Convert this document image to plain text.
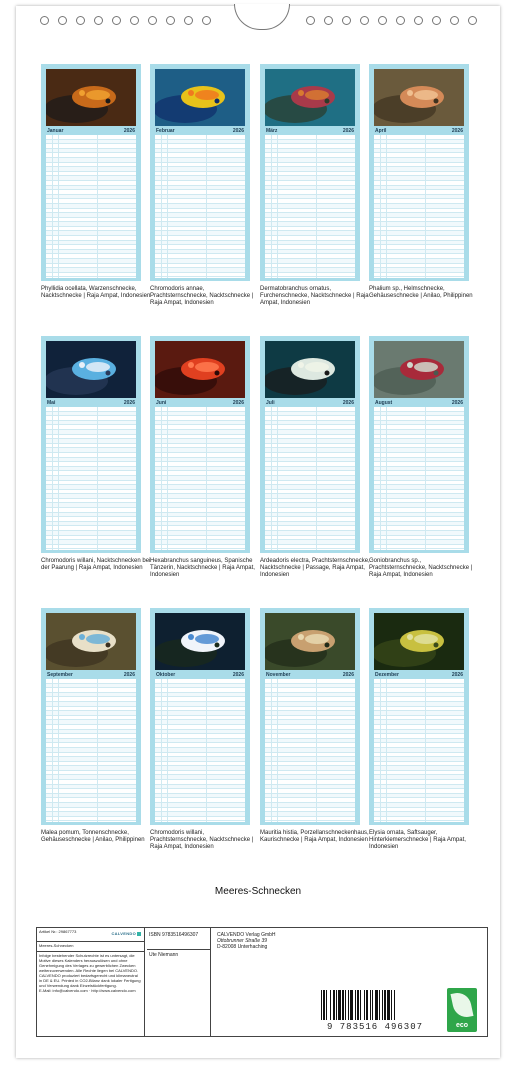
Januar	2026
Phyllidia ocellata, Warzenschnecke, Nacktschnecke | Raja Ampat, Indonesien
Februar	2026
Chromodoris annae, Prachtsternschnecke, Nacktschnecke | Raja Ampat, Indonesien
März	2026
Dermatobranchus ornatus, Furchenschnecke, Nacktschnecke | Raja Ampat, Indonesien
April	2026
Phalium sp., Helmschnecke, Gehäuseschnecke | Anilao, Philippinen
Mai	2026
Chromodoris willani, Nacktschnecken bei der Paarung | Raja Ampat, Indonesien
Juni	2026
Hexabranchus sanguineus, Spanische Tänzerin, Nacktschnecke | Raja Ampat, Indonesien
Juli	2026
Ardeadoris electra, Prachtsternschnecke, Nacktschnecke | Passage, Raja Ampat, Indonesien
August	2026
Goniobranchus sp., Prachtsternschnecke, Nacktschnecke | Raja Ampat, Indonesien
September	2026
Malea pomum, Tonnenschnecke, Gehäuseschnecke | Anilao, Philippinen
Oktober	2026
Chromodoris willani, Prachtsternschnecke, Nacktschnecke | Raja Ampat, Indonesien
November	2026
Mauritia histia, Porzellanschneckenhaus, Kaurischnecke | Raja Ampat, Indonesien
Dezember	2026
Elysia ornata, Saftsauger, Hinterkiemerschnecke | Raja Ampat, Indonesien
Meeres-Schnecken
Artikel Nr.: 29867773	CALVENDO
Meeres-Schnecken
Infolge bestehender Schutzrechte ist es untersagt, die Motive dieses Kalenders herauszulösen und ohne Genehmigung des Verlages zu gewerblichen Zwecken weiterzuverwenden. Alle Rechte liegen bei CALVENDO. CALVENDO produziert bedarfsgerecht und klimaneutral in DE & EU. Printed in CO2-Bilanz dank lokaler Fertigung und Verwendung dank Einzelstückfertigung.
E-Mail: info@calvendo.com · http://www.calvendo.com
ISBN 9783516496307
Ute Niemann
CALVENDO Verlag GmbH
Ottobrunner Straße 39
D-82008 Unterhaching
9 783516 496307	eco
